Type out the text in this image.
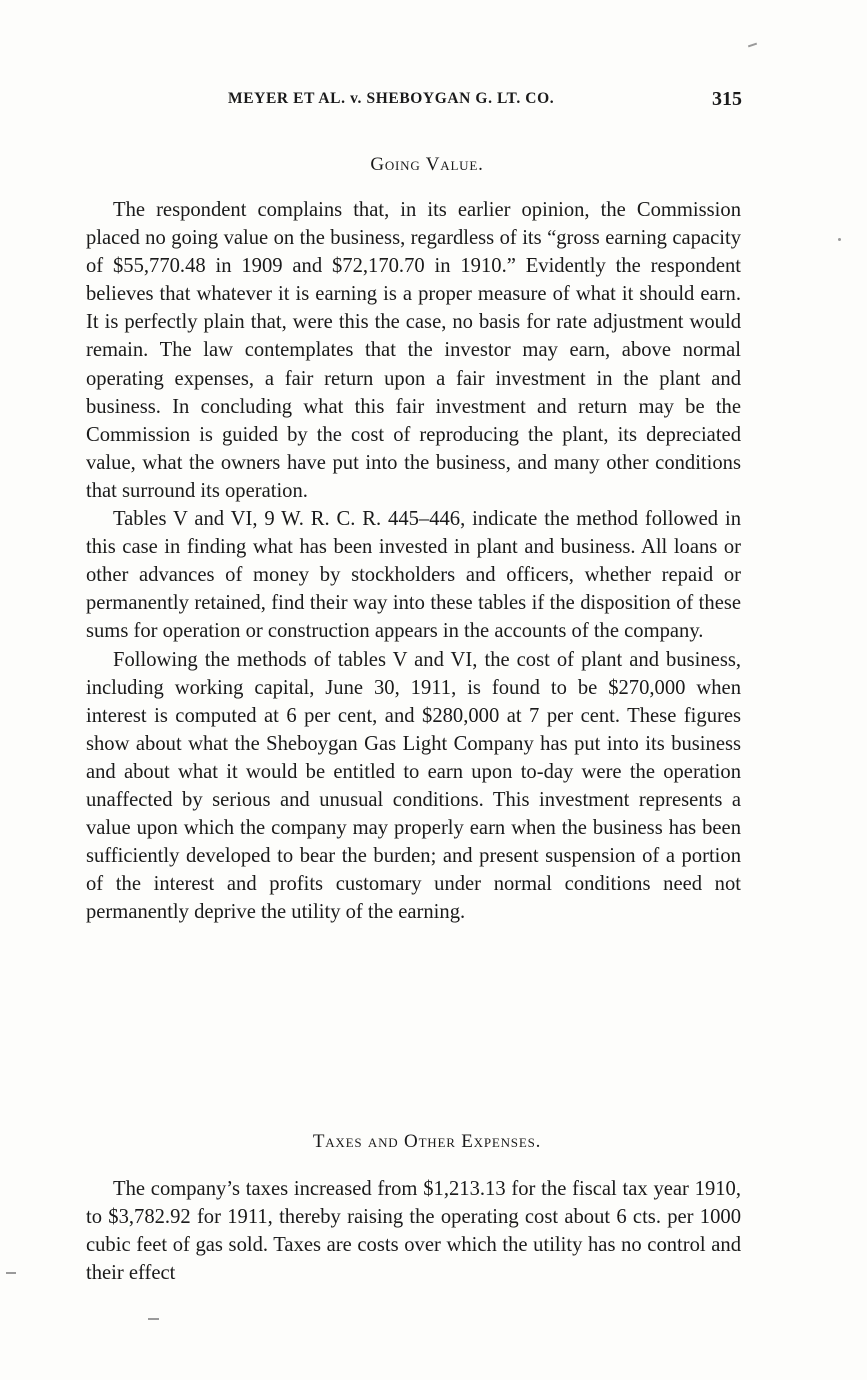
MEYER ET AL. v. SHEBOYGAN G. LT. CO.	315
Going Value.

The respondent complains that, in its earlier opinion, the Commission placed no going value on the business, regardless of its “gross earning capacity of $55,770.48 in 1909 and $72,170.70 in 1910.” Evidently the respondent believes that whatever it is earning is a proper measure of what it should earn. It is perfectly plain that, were this the case, no basis for rate adjustment would remain. The law contemplates that the investor may earn, above normal operating expenses, a fair return upon a fair investment in the plant and business. In concluding what this fair investment and return may be the Commission is guided by the cost of reproducing the plant, its depreciated value, what the owners have put into the business, and many other conditions that surround its operation.

Tables V and VI, 9 W. R. C. R. 445–446, indicate the method followed in this case in finding what has been invested in plant and business. All loans or other advances of money by stockholders and officers, whether repaid or permanently retained, find their way into these tables if the disposition of these sums for operation or construction appears in the accounts of the company.

Following the methods of tables V and VI, the cost of plant and business, including working capital, June 30, 1911, is found to be $270,000 when interest is computed at 6 per cent, and $280,000 at 7 per cent. These figures show about what the Sheboygan Gas Light Company has put into its business and about what it would be entitled to earn upon to-day were the operation unaffected by serious and unusual conditions. This investment represents a value upon which the company may properly earn when the business has been sufficiently developed to bear the burden; and present suspension of a portion of the interest and profits customary under normal conditions need not permanently deprive the utility of the earning.

Taxes and Other Expenses.

The company’s taxes increased from $1,213.13 for the fiscal tax year 1910, to $3,782.92 for 1911, thereby raising the operating cost about 6 cts. per 1000 cubic feet of gas sold. Taxes are costs over which the utility has no control and their effect
